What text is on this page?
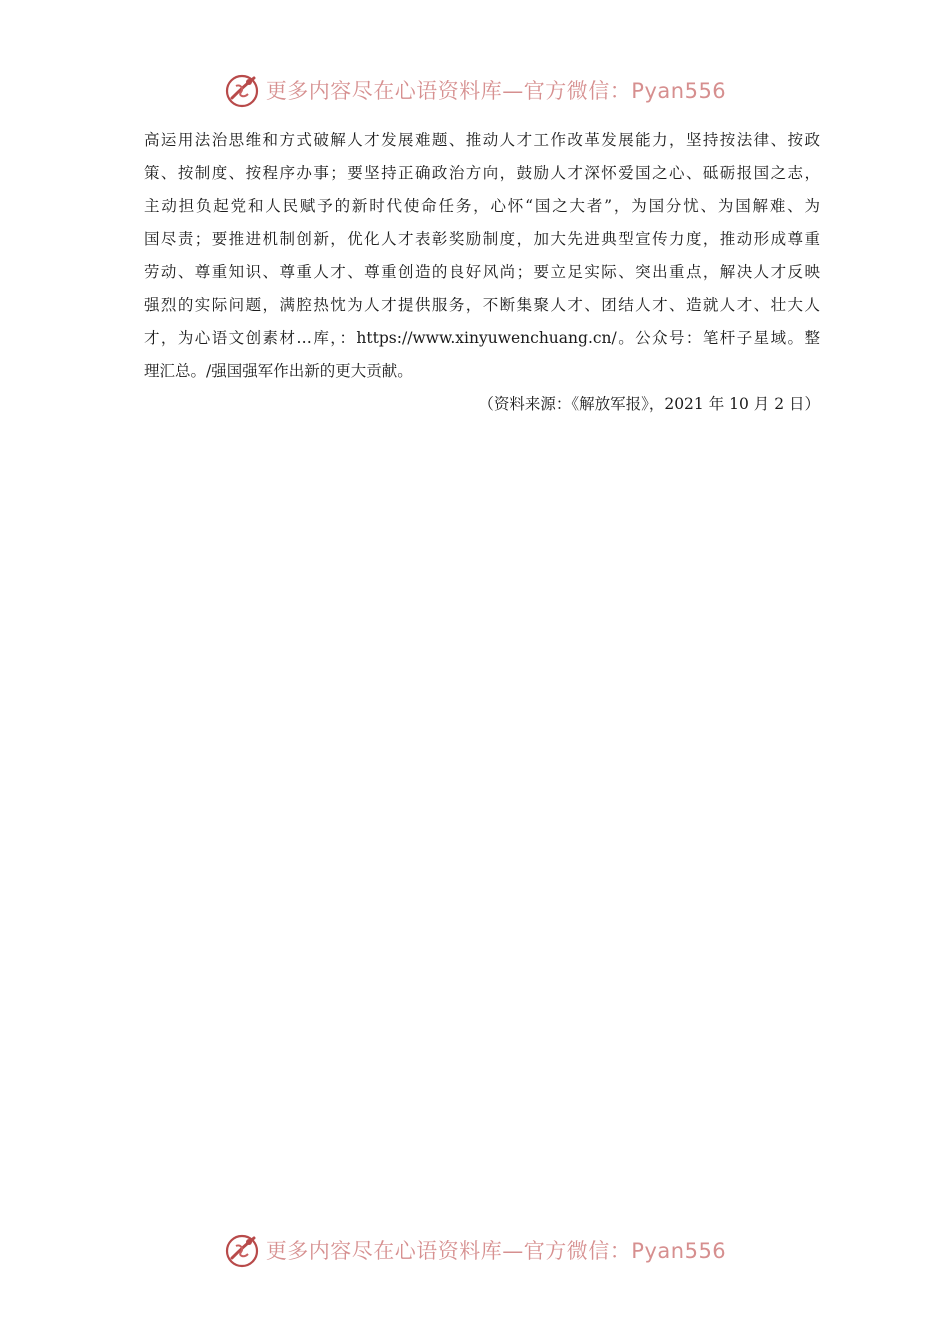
更多内容尽在心语资料库—官方微信：Pyan556
高运用法治思维和方式破解人才发展难题、推动人才工作改革发展能力，坚持按法律、按政
策、按制度、按程序办事；要坚持正确政治方向，鼓励人才深怀爱国之心、砥砺报国之志，
主动担负起党和人民赋予的新时代使命任务，心怀“国之大者”，为国分忧、为国解难、为
国尽责；要推进机制创新，优化人才表彰奖励制度，加大先进典型宣传力度，推动形成尊重
劳动、尊重知识、尊重人才、尊重创造的良好风尚；要立足实际、突出重点，解决人才反映
强烈的实际问题，满腔热忱为人才提供服务，不断集聚人才、团结人才、造就人才、壮大人
才，为心语文创素材…库，：https://www.xinyuwenchuang.cn/。公众号：笔杆子星域。整
理汇总。/强国强军作出新的更大贡献。
（资料来源：《解放军报》，2021 年 10 月 2 日）
更多内容尽在心语资料库—官方微信：Pyan556
